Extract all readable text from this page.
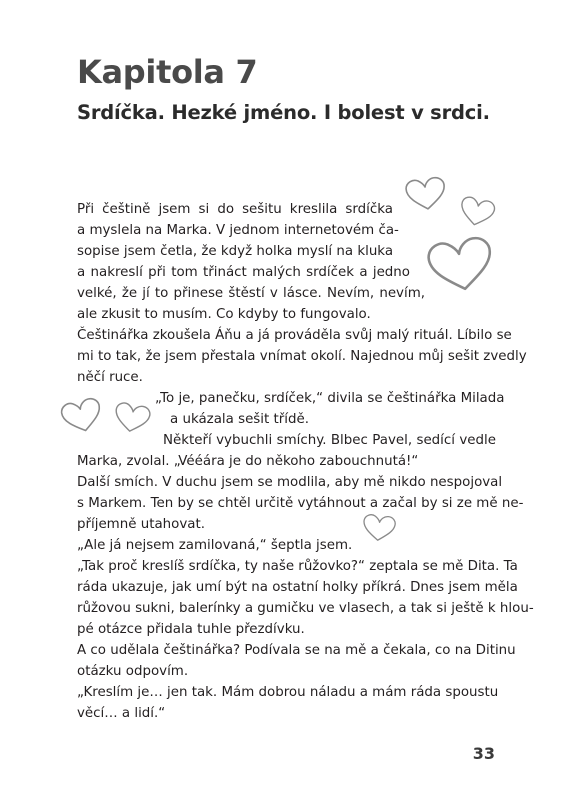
Kapitola 7
Srdíčka. Hezké jméno. I bolest v srdci.

Při češtině jsem si do sešitu kreslila srdíčka

a myslela na Marka. V jednom internetovém ča-

sopise jsem četla, že když holka myslí na kluka

a nakreslí při tom třináct malých srdíček a jedno

velké, že jí to přinese štěstí v lásce. Nevím, nevím,

ale zkusit to musím. Co kdyby to fungovalo.

Češtinářka zkoušela Áňu a já prováděla svůj malý rituál. Líbilo se

mi to tak, že jsem přestala vnímat okolí. Najednou můj sešit zvedly

něčí ruce.

„To je, panečku, srdíček,“ divila se češtinářka Milada

a ukázala sešit třídě.

Někteří vybuchli smíchy. Blbec Pavel, sedící vedle

Marka, zvolal. „Vééára je do někoho zabouchnutá!“

Další smích. V duchu jsem se modlila, aby mě nikdo nespojoval

s Markem. Ten by se chtěl určitě vytáhnout a začal by si ze mě ne-

příjemně utahovat.

„Ale já nejsem zamilovaná,“ šeptla jsem.

„Tak proč kreslíš srdíčka, ty naše růžovko?“ zeptala se mě Dita. Ta

ráda ukazuje, jak umí být na ostatní holky příkrá. Dnes jsem měla

růžovou sukni, balerínky a gumičku ve vlasech, a tak si ještě k hlou-

pé otázce přidala tuhle přezdívku.

A co udělala češtinářka? Podívala se na mě a čekala, co na Ditinu

otázku odpovím.

„Kreslím je… jen tak. Mám dobrou náladu a mám ráda spoustu

věcí… a lidí.“

33
